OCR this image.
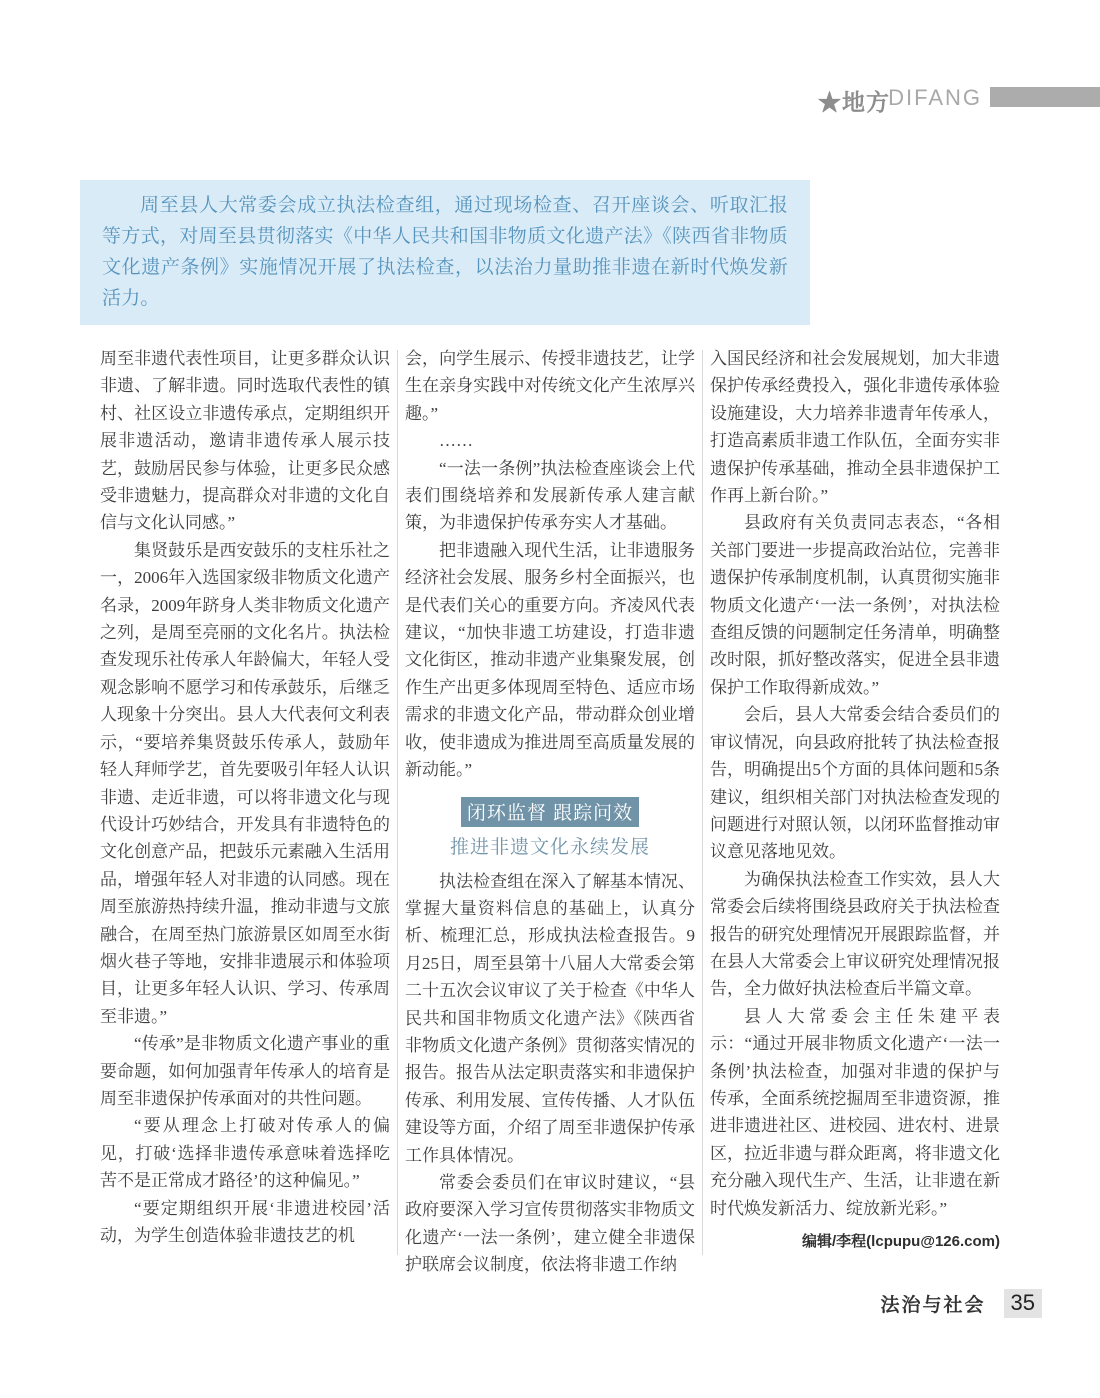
★地方
DIFANG

周至县人大常委会成立执法检查组，通过现场检查、召开座谈会、听取汇报等方式，对周至县贯彻落实《中华人民共和国非物质文化遗产法》《陕西省非物质文化遗产条例》实施情况开展了执法检查，以法治力量助推非遗在新时代焕发新活力。

周至非遗代表性项目，让更多群众认识非遗、了解非遗。同时选取代表性的镇村、社区设立非遗传承点，定期组织开展非遗活动，邀请非遗传承人展示技艺，鼓励居民参与体验，让更多民众感受非遗魅力，提高群众对非遗的文化自信与文化认同感。”

集贤鼓乐是西安鼓乐的支柱乐社之一，2006年入选国家级非物质文化遗产名录，2009年跻身人类非物质文化遗产之列，是周至亮丽的文化名片。执法检查发现乐社传承人年龄偏大，年轻人受观念影响不愿学习和传承鼓乐，后继乏人现象十分突出。县人大代表何文利表示，“要培养集贤鼓乐传承人，鼓励年轻人拜师学艺，首先要吸引年轻人认识非遗、走近非遗，可以将非遗文化与现代设计巧妙结合，开发具有非遗特色的文化创意产品，把鼓乐元素融入生活用品，增强年轻人对非遗的认同感。现在周至旅游热持续升温，推动非遗与文旅融合，在周至热门旅游景区如周至水街烟火巷子等地，安排非遗展示和体验项目，让更多年轻人认识、学习、传承周至非遗。”

“传承”是非物质文化遗产事业的重要命题，如何加强青年传承人的培育是周至非遗保护传承面对的共性问题。

“要从理念上打破对传承人的偏见，打破‘选择非遗传承意味着选择吃苦不是正常成才路径’的这种偏见。”

“要定期组织开展‘非遗进校园’活动，为学生创造体验非遗技艺的机

会，向学生展示、传授非遗技艺，让学生在亲身实践中对传统文化产生浓厚兴趣。”

……

“一法一条例”执法检查座谈会上代表们围绕培养和发展新传承人建言献策，为非遗保护传承夯实人才基础。

把非遗融入现代生活，让非遗服务经济社会发展、服务乡村全面振兴，也是代表们关心的重要方向。齐凌风代表建议，“加快非遗工坊建设，打造非遗文化街区，推动非遗产业集聚发展，创作生产出更多体现周至特色、适应市场需求的非遗文化产品，带动群众创业增收，使非遗成为推进周至高质量发展的新动能。”

闭环监督 跟踪问效
推进非遗文化永续发展

执法检查组在深入了解基本情况、掌握大量资料信息的基础上，认真分析、梳理汇总，形成执法检查报告。9月25日，周至县第十八届人大常委会第二十五次会议审议了关于检查《中华人民共和国非物质文化遗产法》《陕西省非物质文化遗产条例》贯彻落实情况的报告。报告从法定职责落实和非遗保护传承、利用发展、宣传传播、人才队伍建设等方面，介绍了周至非遗保护传承工作具体情况。

常委会委员们在审议时建议，“县政府要深入学习宣传贯彻落实非物质文化遗产‘一法一条例’，建立健全非遗保护联席会议制度，依法将非遗工作纳

入国民经济和社会发展规划，加大非遗保护传承经费投入，强化非遗传承体验设施建设，大力培养非遗青年传承人，打造高素质非遗工作队伍，全面夯实非遗保护传承基础，推动全县非遗保护工作再上新台阶。”

县政府有关负责同志表态，“各相关部门要进一步提高政治站位，完善非遗保护传承制度机制，认真贯彻实施非物质文化遗产‘一法一条例’，对执法检查组反馈的问题制定任务清单，明确整改时限，抓好整改落实，促进全县非遗保护工作取得新成效。”

会后，县人大常委会结合委员们的审议情况，向县政府批转了执法检查报告，明确提出5个方面的具体问题和5条建议，组织相关部门对执法检查发现的问题进行对照认领，以闭环监督推动审议意见落地见效。

为确保执法检查工作实效，县人大常委会后续将围绕县政府关于执法检查报告的研究处理情况开展跟踪监督，并在县人大常委会上审议研究处理情况报告，全力做好执法检查后半篇文章。

县人大常委会主任朱建平表示：“通过开展非物质文化遗产‘一法一条例’执法检查，加强对非遗的保护与传承，全面系统挖掘周至非遗资源，推进非遗进社区、进校园、进农村、进景区，拉近非遗与群众距离，将非遗文化充分融入现代生产、生活，让非遗在新时代焕发新活力、绽放新光彩。”

编辑/李程(lcpupu@126.com)
法治与社会	35
